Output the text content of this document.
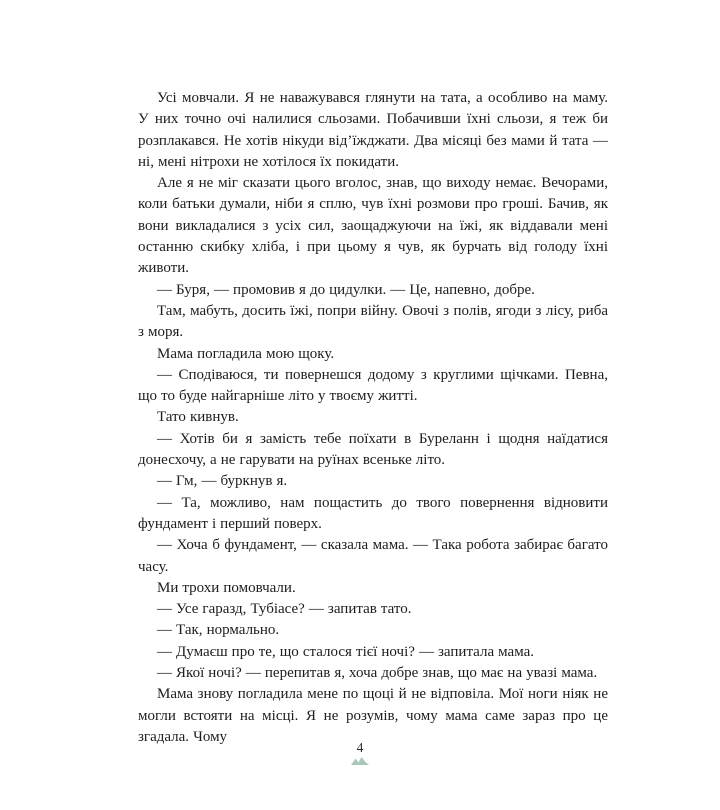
Усі мовчали. Я не наважувався глянути на тата, а особливо на маму. У них точно очі налилися сльозами. Побачивши їхні сльози, я теж би розплакався. Не хотів нікуди від’їжджати. Два місяці без мами й тата — ні, мені нітрохи не хотілося їх покидати.

Але я не міг сказати цього вголос, знав, що виходу немає. Вечорами, коли батьки думали, ніби я сплю, чув їхні розмови про гроші. Бачив, як вони викладалися з усіх сил, заощаджуючи на їжі, як віддавали мені останню скибку хліба, і при цьому я чув, як бурчать від голоду їхні животи.

— Буря, — промовив я до цидулки. — Це, напевно, добре.

Там, мабуть, досить їжі, попри війну. Овочі з полів, ягоди з лісу, риба з моря.

Мама погладила мою щоку.

— Сподіваюся, ти повернешся додому з круглими щічками. Певна, що то буде найгарніше літо у твоєму житті.

Тато кивнув.

— Хотів би я замість тебе поїхати в Буреланн і щодня наїдатися донесхочу, а не гарувати на руїнах всеньке літо.

— Гм, — буркнув я.

— Та, можливо, нам пощастить до твого повернення відновити фундамент і перший поверх.

— Хоча б фундамент, — сказала мама. — Така робота забирає багато часу.

Ми трохи помовчали.

— Усе гаразд, Тубіасе? — запитав тато.

— Так, нормально.

— Думаєш про те, що сталося тієї ночі? — запитала мама.

— Якої ночі? — перепитав я, хоча добре знав, що має на увазі мама.

Мама знову погладила мене по щоці й не відповіла. Мої ноги ніяк не могли встояти на місці. Я не розумів, чому мама саме зараз про це згадала. Чому

4
